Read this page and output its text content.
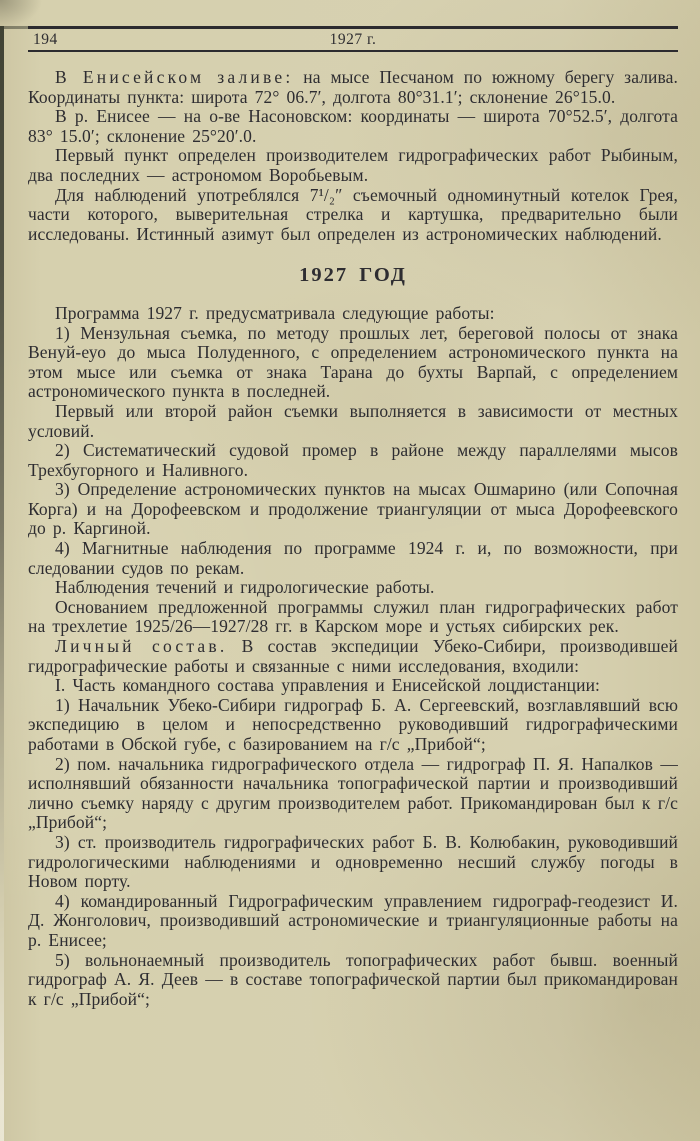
194	1927 г.

В Енисейском заливе: на мысе Песчаном по южному берегу залива. Координаты пункта: широта 72° 06.7′, долгота 80°31.1′; склонение 26°15.0.

В р. Енисее — на о-ве Насоновском: координаты — широта 70°52.5′, долгота 83° 15.0′; склонение 25°20′.0.

Первый пункт определен производителем гидрографических работ Рыбиным, два последних — астрономом Воробьевым.

Для наблюдений употреблялся 7¹/₂″ съемочный одноминутный котелок Грея, части которого, выверительная стрелка и картушка, предварительно были исследованы. Истинный азимут был определен из астрономических наблюдений.

1927 ГОД

Программа 1927 г. предусматривала следующие работы:

1) Мензульная съемка, по методу прошлых лет, береговой полосы от знака Венуй-еуо до мыса Полуденного, с определением астрономического пункта на этом мысе или съемка от знака Тарана до бухты Варпай, с определением астрономического пункта в последней.

Первый или второй район съемки выполняется в зависимости от местных условий.

2) Систематический судовой промер в районе между параллелями мысов Трехбугорного и Наливного.

3) Определение астрономических пунктов на мысах Ошмарино (или Сопочная Корга) и на Дорофеевском и продолжение триангуляции от мыса Дорофеевского до р. Каргиной.

4) Магнитные наблюдения по программе 1924 г. и, по возможности, при следовании судов по рекам.

Наблюдения течений и гидрологические работы.

Основанием предложенной программы служил план гидрографических работ на трехлетие 1925/26—1927/28 гг. в Карском море и устьях сибирских рек.

Личный состав. В состав экспедиции Убеко-Сибири, производившей гидрографические работы и связанные с ними исследования, входили:

I. Часть командного состава управления и Енисейской лоцдистанции:

1) Начальник Убеко-Сибири гидрограф Б. А. Сергеевский, возглавлявший всю экспедицию в целом и непосредственно руководивший гидрографическими работами в Обской губе, с базированием на г/с „Прибой“;

2) пом. начальника гидрографического отдела — гидрограф П. Я. Напалков — исполнявший обязанности начальника топографической партии и производивший лично съемку наряду с другим производителем работ. Прикомандирован был к г/с „Прибой“;

3) ст. производитель гидрографических работ Б. В. Колюбакин, руководивший гидрологическими наблюдениями и одновременно несший службу погоды в Новом порту.

4) командированный Гидрографическим управлением гидрограф-геодезист И. Д. Жонголович, производивший астрономические и триангуляционные работы на р. Енисее;

5) вольнонаемный производитель топографических работ бывш. военный гидрограф А. Я. Деев — в составе топографической партии был прикомандирован к г/с „Прибой“;
